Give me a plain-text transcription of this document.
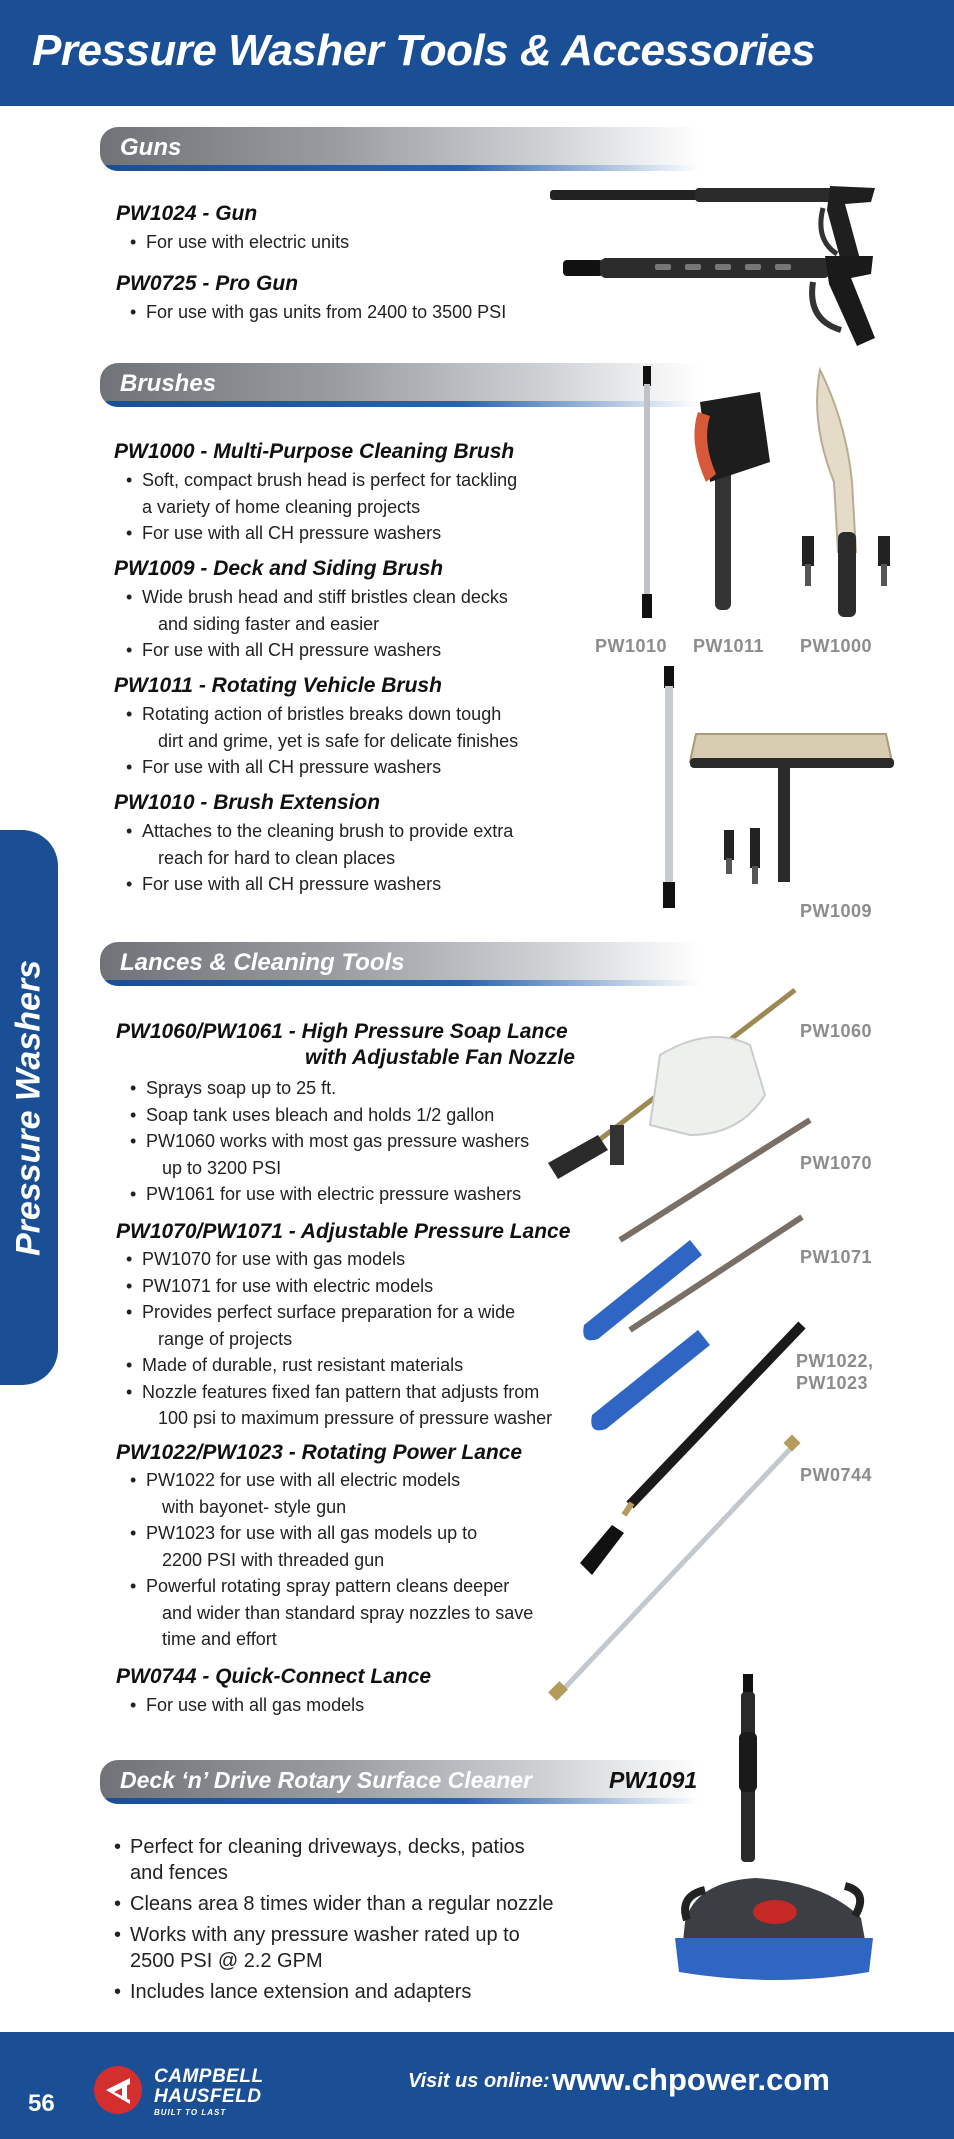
Pressure Washer Tools & Accessories
Pressure Washers
Guns
PW1024 - Gun
• For use with electric units
PW0725 - Pro Gun
• For use with gas units from 2400 to 3500 PSI
Brushes
PW1000 - Multi-Purpose Cleaning Brush
• Soft, compact brush head is perfect for tackling
a variety of home cleaning projects
• For use with all CH pressure washers
PW1009 - Deck and Siding Brush
• Wide brush head and stiff bristles clean decks
and siding faster and easier
• For use with all CH pressure washers
PW1011 - Rotating Vehicle Brush
• Rotating action of bristles breaks down tough
dirt and grime, yet is safe for delicate finishes
• For use with all CH pressure washers
PW1010 - Brush Extension
• Attaches to the cleaning brush to provide extra
reach for hard to clean places
• For use with all CH pressure washers
PW1010 PW1011 PW1000
PW1009
Lances & Cleaning Tools
PW1060/PW1061 - High Pressure Soap Lance
with Adjustable Fan Nozzle
• Sprays soap up to 25 ft.
• Soap tank uses bleach and holds 1/2 gallon
• PW1060 works with most gas pressure washers
up to 3200 PSI
• PW1061 for use with electric pressure washers
PW1070/PW1071 - Adjustable Pressure Lance
• PW1070 for use with gas models
• PW1071 for use with electric models
• Provides perfect surface preparation for a wide
range of projects
• Made of durable, rust resistant materials
• Nozzle features fixed fan pattern that adjusts from
100 psi to maximum pressure of pressure washer
PW1022/PW1023 - Rotating Power Lance
• PW1022 for use with all electric models
with bayonet- style gun
• PW1023 for use with all gas models up to
2200 PSI with threaded gun
• Powerful rotating spray pattern cleans deeper
and wider than standard spray nozzles to save
time and effort
PW0744 - Quick-Connect Lance
• For use with all gas models
PW1060
PW1070
PW1071
PW1022,
PW1023
PW0744
Deck ‘n’ Drive Rotary Surface Cleaner	PW1091
• Perfect for cleaning driveways, decks, patios
and fences
• Cleans area 8 times wider than a regular nozzle
• Works with any pressure washer rated up to
2500 PSI @ 2.2 GPM
• Includes lance extension and adapters
56
CAMPBELL
HAUSFELD
BUILT TO LAST
Visit us online: www.chpower.com
